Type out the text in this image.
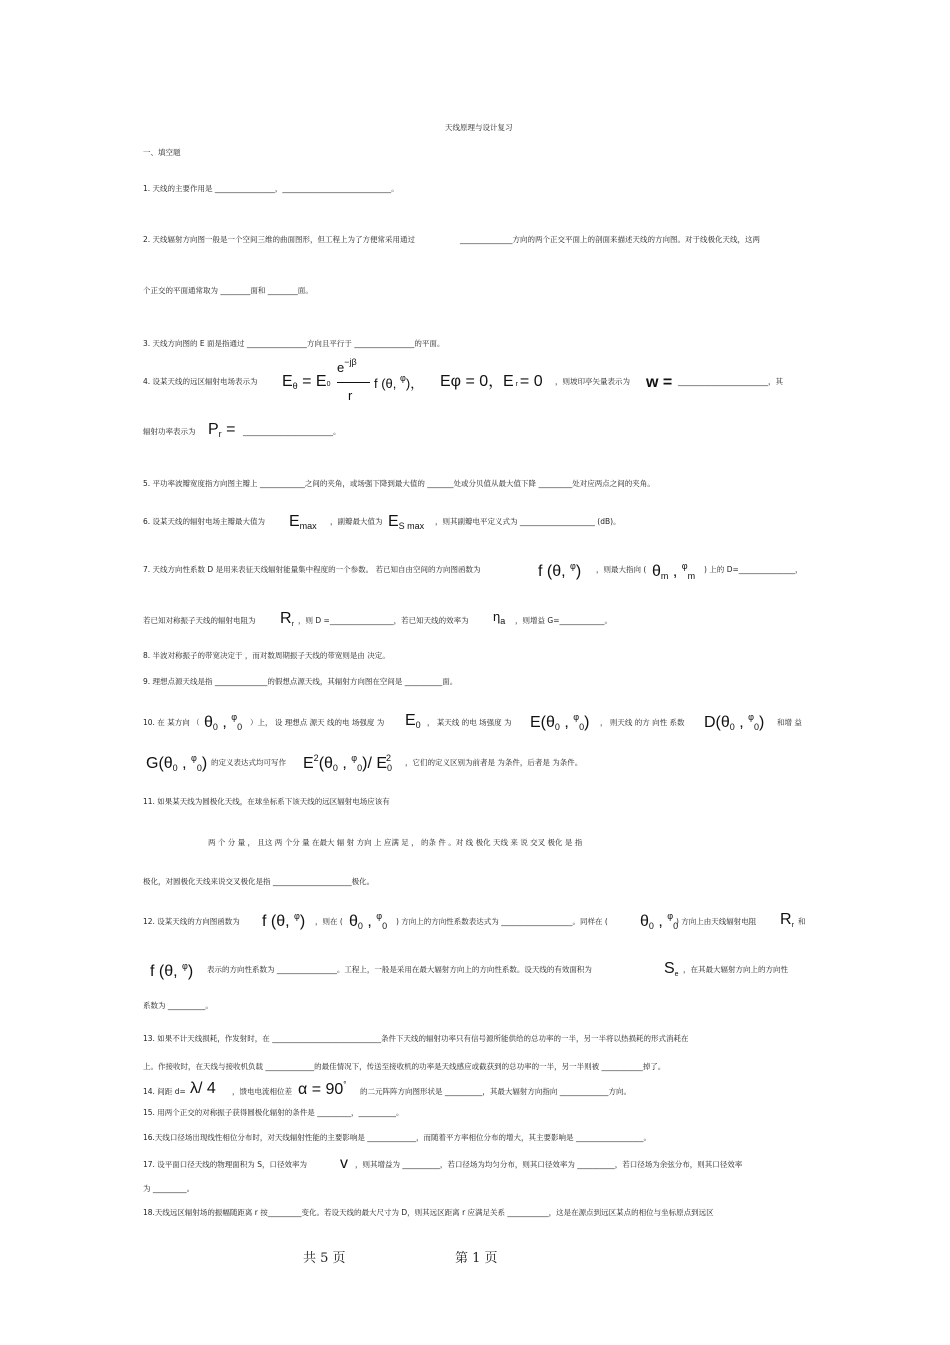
天线原理与设计复习
一、填空题
1. 天线的主要作用是 ________________，_____________________________。
2. 天线辐射方向图一般是一个空间三维的曲面图形，但工程上为了方便常采用通过	______________方向的两个正交平面上的剖面来描述天线的方向图。对于线极化天线，这两
个正交的平面通常取为 ________面和 ________面。
3. 天线方向图的 E 面是指通过 ________________方向且平行于 ________________的平面。
4. 设某天线的远区辐射电场表示为 $E_\theta = E0$
$e^{-j\beta}$
r
f (θ, $^\varphi$)， Eφ = 0，
E r = 0 ，则坡印亭矢量表示为 w = ________________________，其
辐射功率表示为 $P_r$ = ________________________。
5. 平功率波瓣宽度指方向图主瓣上 ____________之间的夹角，或场强下降到最大值的 _______处或分贝值从最大值下降 _________处对应两点之间的夹角。
6. 设某天线的辐射电场主瓣最大值为 $E_{max}$ ，副瓣最大值为 $E_{S max}$ ，则其副瓣电平定义式为 ____________________ (dB)。
7. 天线方向性系数 D 是用来表征天线辐射能量集中程度的一个参数。 若已知自由空间的方向图函数为	f (θ, $^\varphi$) ，则最大指向 ( $\theta_m$ , $^\varphi_m$
) 上的 D=_______________，
若已知对称振子天线的辐射电阻为 $R_r$ ，则 D =_________________，若已知天线的效率为 $\eta_a$ ，则增益 G=____________。
8. 半波对称振子的带宽决定于 ，而对数周期振子天线的带宽则是由 决定。
9. 理想点源天线是指 ______________的假想点源天线，其辐射方向图在空间是 __________面。
10. 在 某方向 （ $\theta_0$ , $^\varphi_0$ ）上， 设 理想点 源天 线的电 场强度 为 $E_0$ ， 某天线 的电 场强度 为 $E(\theta_0$ , $^\varphi_0$) ， 则天线 的方 向性 系数 $D(\theta_0$ , $^\varphi_0$) 和增 益
$G(\theta_0$ , $^\varphi_0$) 的定义表达式均可写作 $E^2(\theta_0$ , $^\varphi_0$)/ $E_0^2$ ，它们的定义区别为前者是 为条件，后者是 为条件。
11. 如果某天线为圆极化天线，在球坐标系下该天线的远区辐射电场应该有
两 个 分 量 ， 且这 两 个分 量 在最大 辐 射 方向 上 应满 足 ， 的条 件 。对 线 极化 天线 来 说 交叉 极化 是 指
极化，对圆极化天线来说交叉极化是指 _____________________极化。
12. 设某天线的方向图函数为 f (θ, $^\varphi$) ，则在 ( $\theta_0$ , $^\varphi_0$ ) 方向上的方向性系数表达式为 ___________________。同样在 ( $\theta_0$ , $^\varphi_0$
) 方向上由天线辐射电阻 $R_r$ 和
f (θ, $^\varphi$) 表示的方向性系数为 ________________。工程上，一般是采用在最大辐射方向上的方向性系数。设天线的有效面积为	$S_e$
，在其最大辐射方向上的方向性
系数为 __________。
13. 如果不计天线损耗，作发射时，在 _____________________________条件下天线的辐射功率只有信号源所能供给的总功率的一半，另一半将以热损耗的形式消耗在
上。作接收时，在天线与接收机负载 _____________的最佳情况下，传送至接收机的功率是天线感应或截获到的总功率的一半，另一半则被 ___________掉了。
14. 间距 d= λ/ 4 ，馈电电流相位差 α = 90°
的二元阵阵方向图形状是 __________，其最大辐射方向指向 _____________方向。
15. 用两个正交的对称振子获得圆极化辐射的条件是 _________，__________。
16.天线口径场出现线性相位分布时，对天线辐射性能的主要影响是 _____________，而随着平方率相位分布的增大，其主要影响是 __________________。
17. 设平面口径天线的物理面积为 S，口径效率为 v ，则其增益为 __________，若口径场为均匀分布，则其口径效率为 __________，若口径场为余弦分布，则其口径效率
为 _________。
18.天线远区辐射场的振幅随距离 r 按_________变化。若设天线的最大尺寸为 D，则其远区距离 r 应满足关系 ___________，这是在源点到远区某点的相位与坐标原点到远区
共 5 页	第 1 页
